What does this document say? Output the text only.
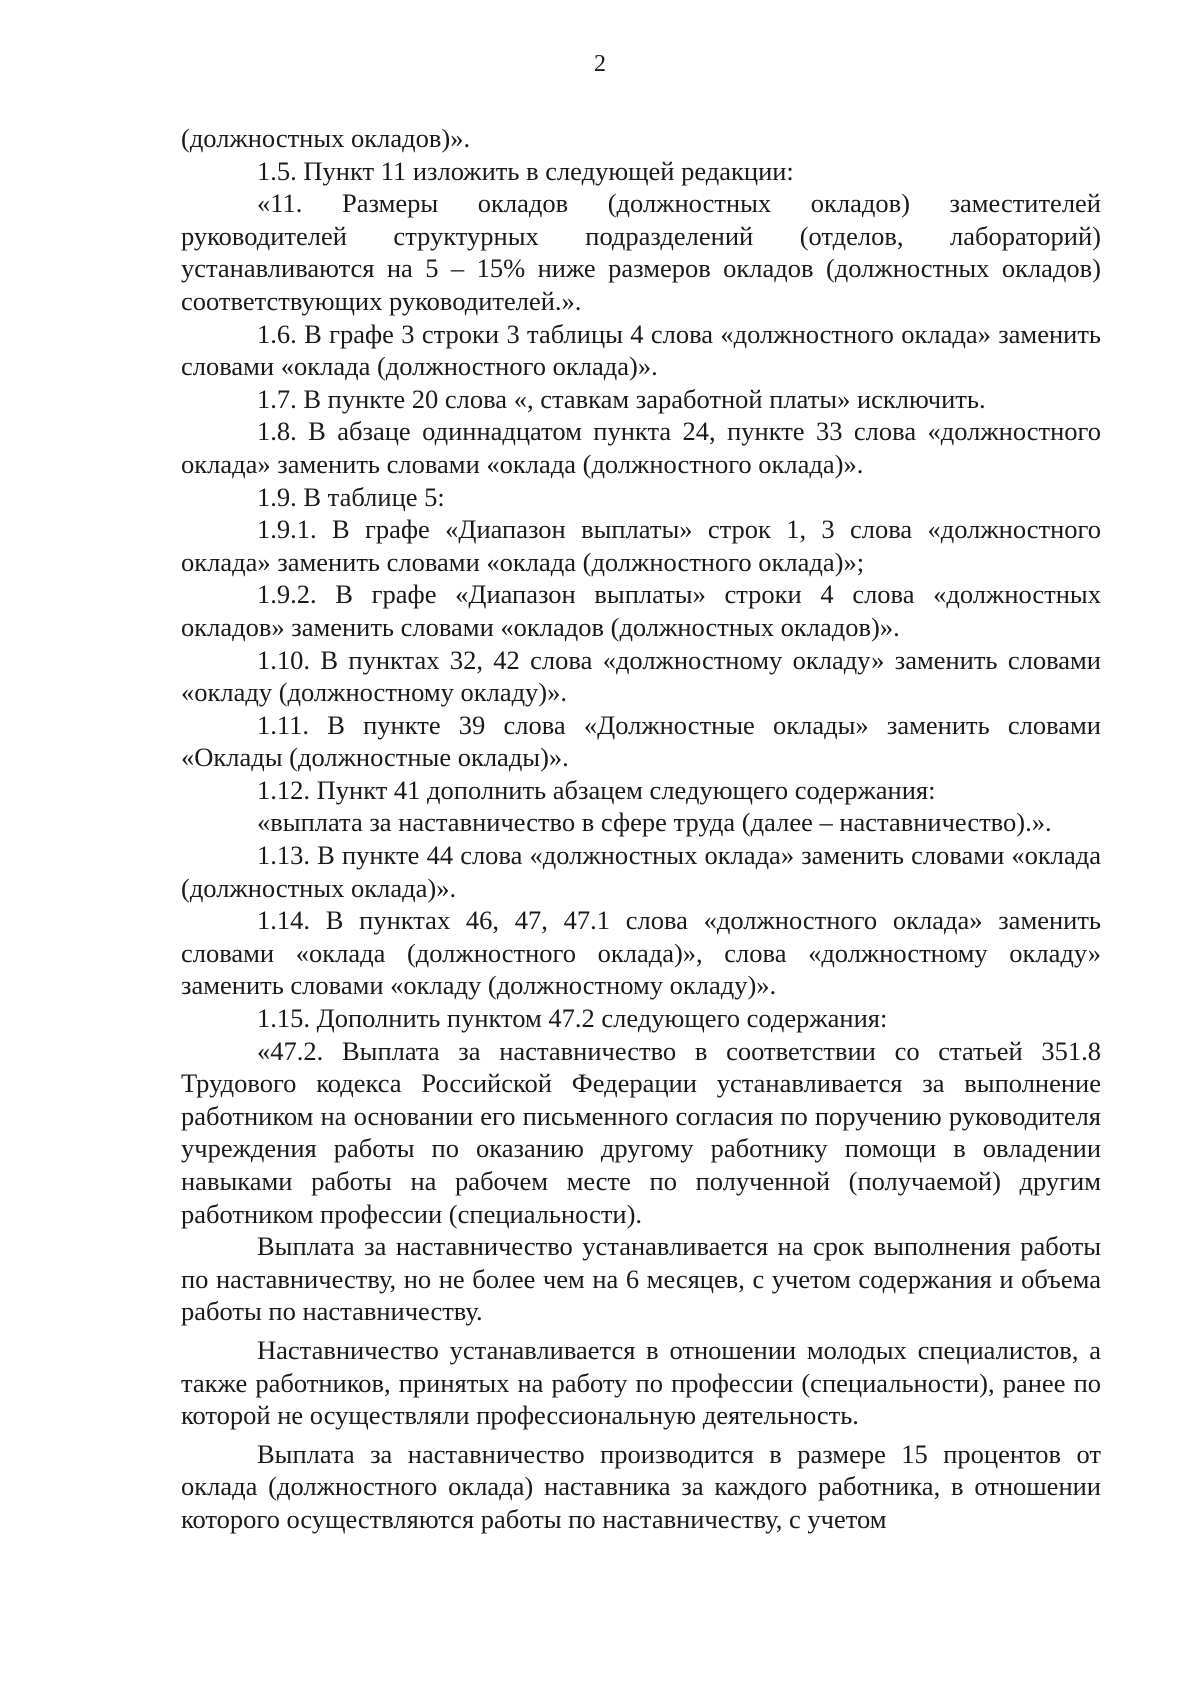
2

(должностных окладов)».

1.5. Пункт 11 изложить в следующей редакции:

«11. Размеры окладов (должностных окладов) заместителей руководителей структурных подразделений (отделов, лабораторий) устанавливаются на 5 – 15% ниже размеров окладов (должностных окладов) соответствующих руководителей.».

1.6. В графе 3 строки 3 таблицы 4 слова «должностного оклада» заменить словами «оклада (должностного оклада)».

1.7. В пункте 20 слова «, ставкам заработной платы» исключить.

1.8. В абзаце одиннадцатом пункта 24, пункте 33 слова «должностного оклада» заменить словами «оклада (должностного оклада)».

1.9. В таблице 5:

1.9.1. В графе «Диапазон выплаты» строк 1, 3 слова «должностного оклада» заменить словами «оклада (должностного оклада)»;

1.9.2. В графе «Диапазон выплаты» строки 4 слова «должностных окладов» заменить словами «окладов (должностных окладов)».

1.10. В пунктах 32, 42 слова «должностному окладу» заменить словами «окладу (должностному окладу)».

1.11. В пункте 39 слова «Должностные оклады» заменить словами «Оклады (должностные оклады)».

1.12. Пункт 41 дополнить абзацем следующего содержания:

«выплата за наставничество в сфере труда (далее – наставничество).».

1.13. В пункте 44 слова «должностных оклада» заменить словами «оклада (должностных оклада)».

1.14. В пунктах 46, 47, 47.1 слова «должностного оклада» заменить словами «оклада (должностного оклада)», слова «должностному окладу» заменить словами «окладу (должностному окладу)».

1.15. Дополнить пунктом 47.2 следующего содержания:

«47.2. Выплата за наставничество в соответствии со статьей 351.8 Трудового кодекса Российской Федерации устанавливается за выполнение работником на основании его письменного согласия по поручению руководителя учреждения работы по оказанию другому работнику помощи в овладении навыками работы на рабочем месте по полученной (получаемой) другим работником профессии (специальности).

Выплата за наставничество устанавливается на срок выполнения работы по наставничеству, но не более чем на 6 месяцев, с учетом содержания и объема работы по наставничеству.

Наставничество устанавливается в отношении молодых специалистов, а также работников, принятых на работу по профессии (специальности), ранее по которой не осуществляли профессиональную деятельность.

Выплата за наставничество производится в размере 15 процентов от оклада (должностного оклада) наставника за каждого работника, в отношении которого осуществляются работы по наставничеству, с учетом
